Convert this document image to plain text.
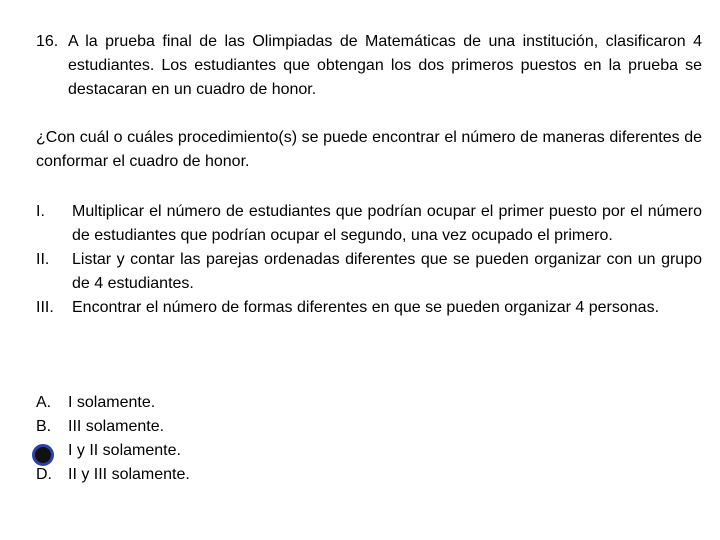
16. A la prueba final de las Olimpiadas de Matemáticas de una institución, clasificaron 4 estudiantes. Los estudiantes que obtengan los dos primeros puestos en la prueba se destacaran en un cuadro de honor.
¿Con cuál o cuáles procedimiento(s) se puede encontrar el número de maneras diferentes de conformar el cuadro de honor.
I.	Multiplicar el número de estudiantes que podrían ocupar el primer puesto por el número de estudiantes que podrían ocupar el segundo, una vez ocupado el primero.
II.	Listar y contar las parejas ordenadas diferentes que se pueden organizar con un grupo de 4 estudiantes.
III.	Encontrar el número de formas diferentes en que se pueden organizar 4 personas.
A.	I solamente.
B.	III solamente.
I y II solamente.
D.	II y III solamente.
